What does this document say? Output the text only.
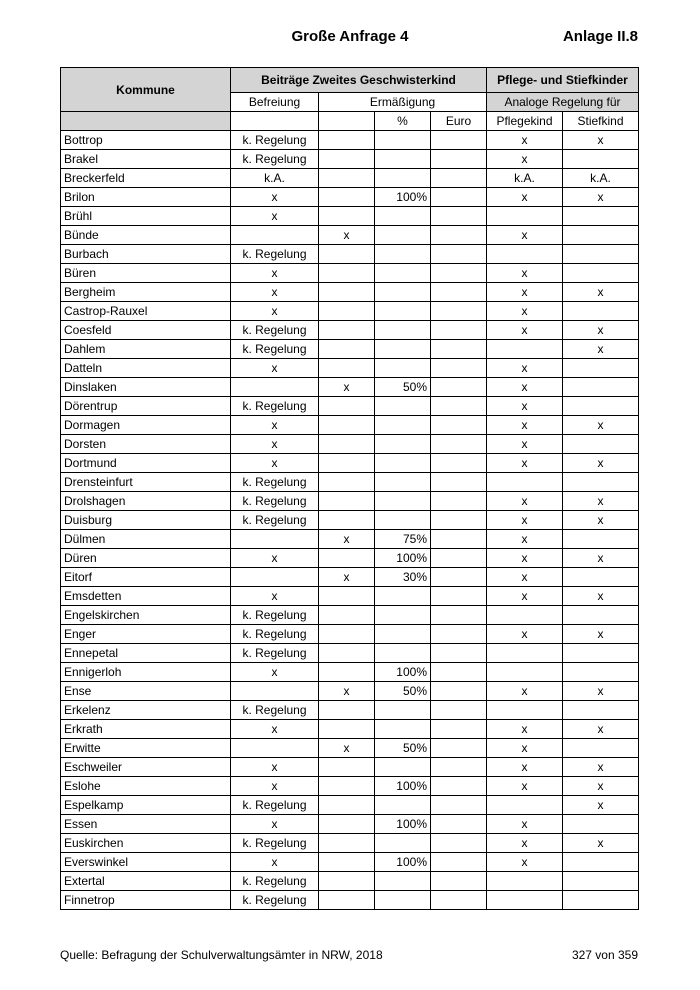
Große Anfrage 4	Anlage II.8
Kommune	Beiträge Zweites Geschwisterkind				Pflege- und Stiefkinder	
	Befreiung	Ermäßigung			Analoge Regelung für	
			%	Euro	Pflegekind	Stiefkind
Bottrop	k. Regelung				x	x
Brakel	k. Regelung				x	
Breckerfeld	k.A.				k.A.	k.A.
Brilon	x		100%		x	x
Brühl	x					
Bünde		x			x	
Burbach	k. Regelung					
Büren	x				x	
Bergheim	x				x	x
Castrop-Rauxel	x				x	
Coesfeld	k. Regelung				x	x
Dahlem	k. Regelung					x
Datteln	x				x	
Dinslaken		x	50%		x	
Dörentrup	k. Regelung				x	
Dormagen	x				x	x
Dorsten	x				x	
Dortmund	x				x	x
Drensteinfurt	k. Regelung					
Drolshagen	k. Regelung				x	x
Duisburg	k. Regelung				x	x
Dülmen		x	75%		x	
Düren	x		100%		x	x
Eitorf		x	30%		x	
Emsdetten	x				x	x
Engelskirchen	k. Regelung					
Enger	k. Regelung				x	x
Ennepetal	k. Regelung					
Ennigerloh	x		100%			
Ense		x	50%		x	x
Erkelenz	k. Regelung					
Erkrath	x				x	x
Erwitte		x	50%		x	
Eschweiler	x				x	x
Eslohe	x		100%		x	x
Espelkamp	k. Regelung					x
Essen	x		100%		x	
Euskirchen	k. Regelung				x	x
Everswinkel	x		100%		x	
Extertal	k. Regelung					
Finnetrop	k. Regelung					
Quelle: Befragung der Schulverwaltungsämter in NRW, 2018	327 von 359
